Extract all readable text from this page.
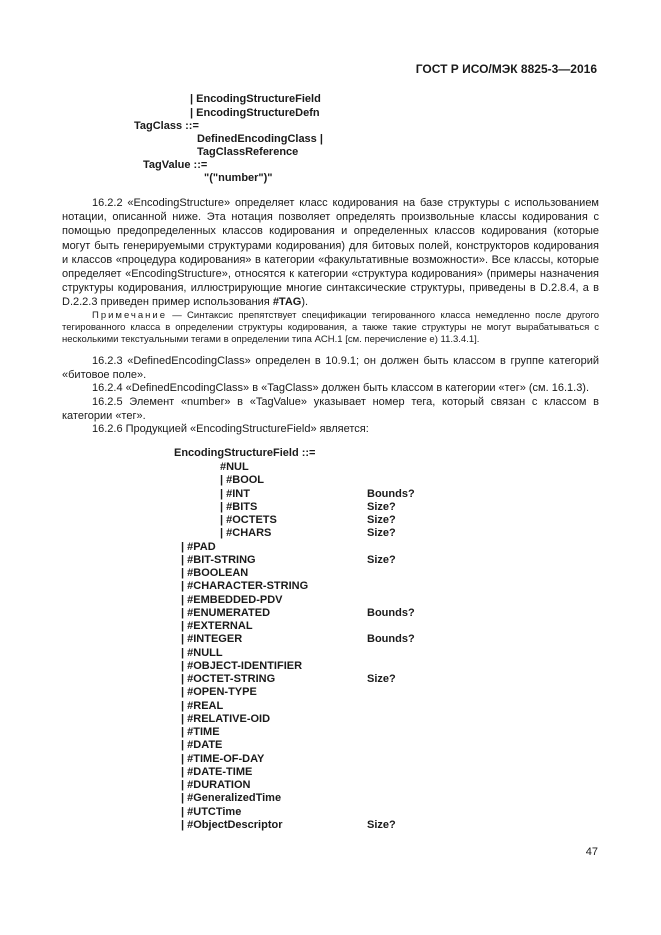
ГОСТ Р ИСО/МЭК 8825-3—2016
| EncodingStructureField
| EncodingStructureDefn
TagClass ::=
DefinedEncodingClass |
TagClassReference
TagValue ::=
"("number")"
16.2.2 «EncodingStructure» определяет класс кодирования на базе структуры с использованием нотации, описанной ниже. Эта нотация позволяет определять произвольные классы кодирования с помощью предопределенных классов кодирования и определенных классов кодирования (которые могут быть генерируемыми структурами кодирования) для битовых полей, конструкторов кодирования и классов «процедура кодирования» в категории «факультативные возможности». Все классы, которые определяет «EncodingStructure», относятся к категории «структура кодирования» (примеры назначения структуры кодирования, иллюстрирующие многие синтаксические структуры, приведены в D.2.8.4, а в D.2.2.3 приведен пример использования #TAG).
Примечание — Синтаксис препятствует спецификации тегированного класса немедленно после другого тегированного класса в определении структуры кодирования, а также такие структуры не могут вырабатываться с несколькими текстуальными тегами в определении типа ACH.1 [см. перечисление е) 11.3.4.1].
16.2.3 «DefinedEncodingClass» определен в 10.9.1; он должен быть классом в группе категорий «битовое поле».
16.2.4 «DefinedEncodingClass» в «TagClass» должен быть классом в категории «тег» (см. 16.1.3).
16.2.5 Элемент «number» в «TagValue» указывает номер тега, который связан с классом в категории «тег».
16.2.6 Продукцией «EncodingStructureField» является:
EncodingStructureField ::=
#NUL
| #BOOL
| #INT	Bounds?
| #BITS	Size?
| #OCTETS	Size?
| #CHARS	Size?
| #PAD
| #BIT-STRING	Size?
| #BOOLEAN
| #CHARACTER-STRING
| #EMBEDDED-PDV
| #ENUMERATED	Bounds?
| #EXTERNAL
| #INTEGER	Bounds?
| #NULL
| #OBJECT-IDENTIFIER
| #OCTET-STRING	Size?
| #OPEN-TYPE
| #REAL
| #RELATIVE-OID
| #TIME
| #DATE
| #TIME-OF-DAY
| #DATE-TIME
| #DURATION
| #GeneralizedTime
| #UTCTime
| #ObjectDescriptor	Size?
47
